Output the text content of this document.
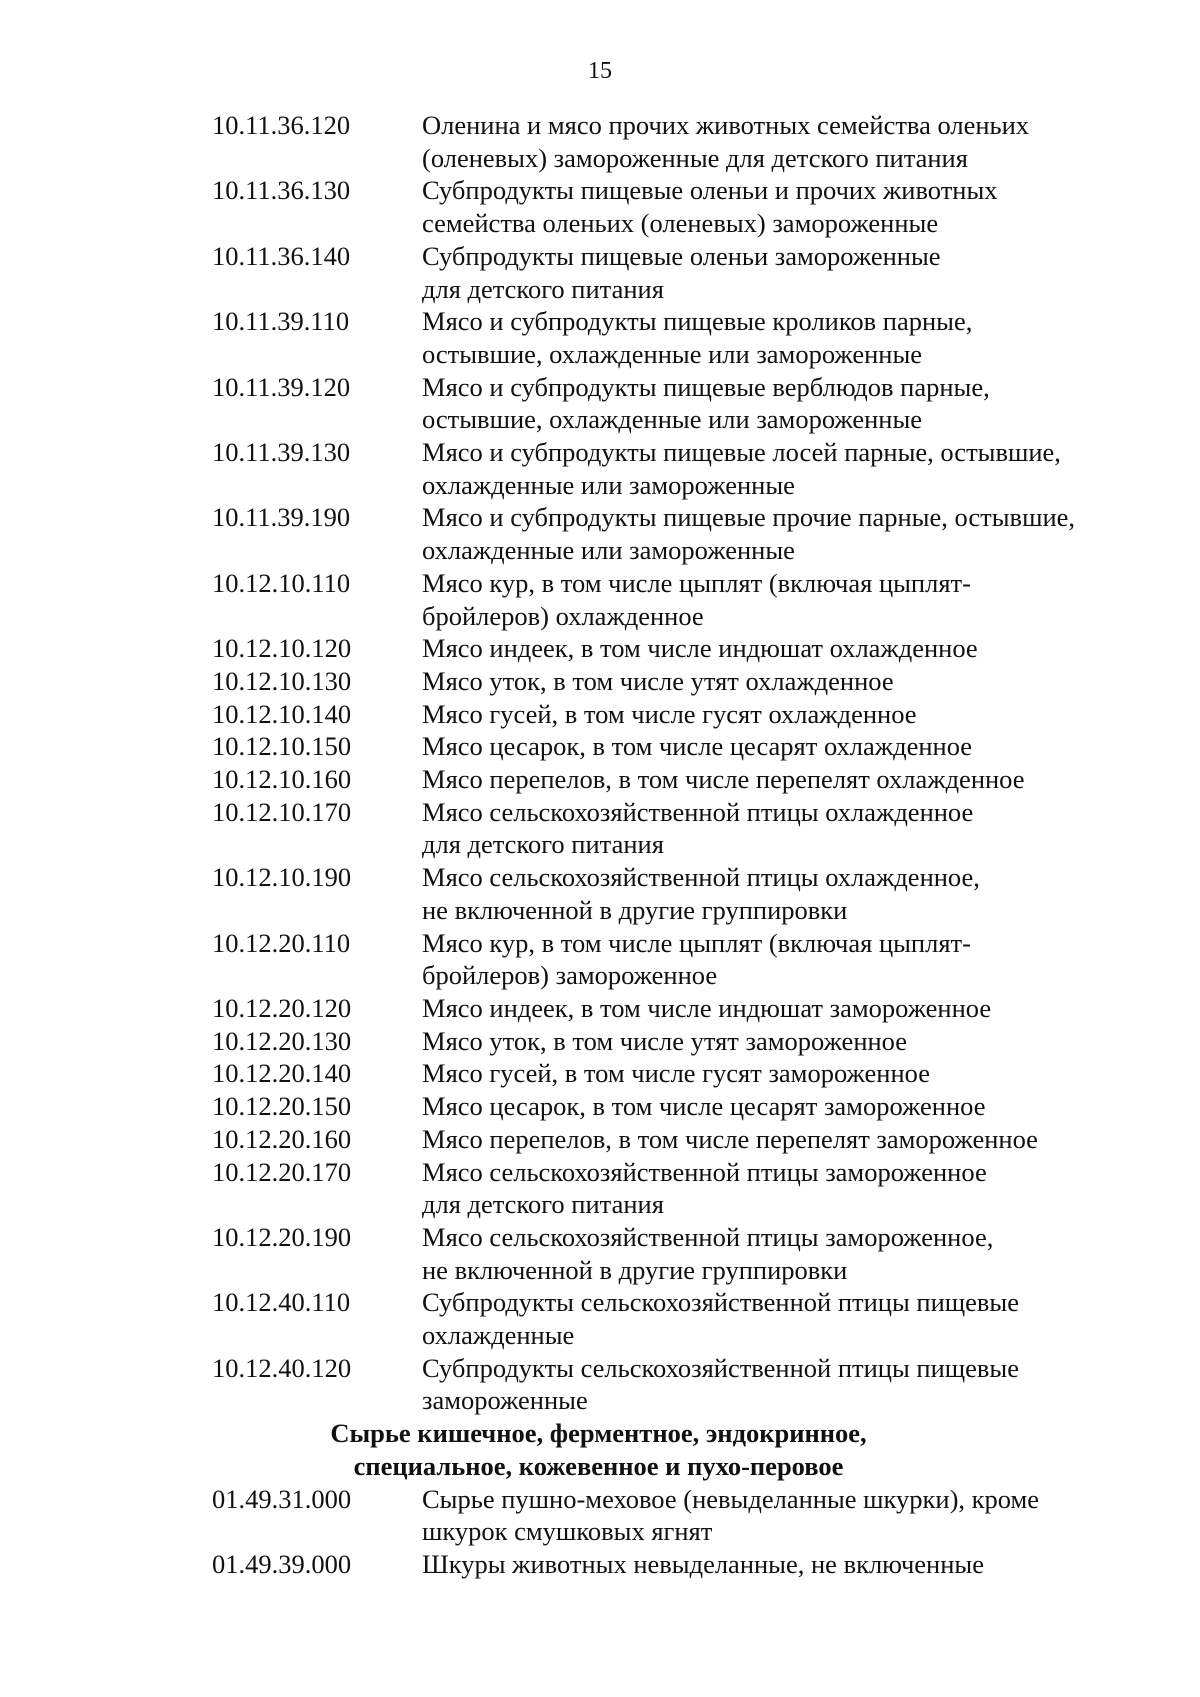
15
10.11.36.120	Оленина и мясо прочих животных семейства оленьих
(оленевых) замороженные для детского питания
10.11.36.130	Субпродукты пищевые оленьи и прочих животных
семейства оленьих (оленевых) замороженные
10.11.36.140	Субпродукты пищевые оленьи замороженные
для детского питания
10.11.39.110	Мясо и субпродукты пищевые кроликов парные,
остывшие, охлажденные или замороженные
10.11.39.120	Мясо и субпродукты пищевые верблюдов парные,
остывшие, охлажденные или замороженные
10.11.39.130	Мясо и субпродукты пищевые лосей парные, остывшие,
охлажденные или замороженные
10.11.39.190	Мясо и субпродукты пищевые прочие парные, остывшие,
охлажденные или замороженные
10.12.10.110	Мясо кур, в том числе цыплят (включая цыплят-
бройлеров) охлажденное
10.12.10.120	Мясо индеек, в том числе индюшат охлажденное
10.12.10.130	Мясо уток, в том числе утят охлажденное
10.12.10.140	Мясо гусей, в том числе гусят охлажденное
10.12.10.150	Мясо цесарок, в том числе цесарят охлажденное
10.12.10.160	Мясо перепелов, в том числе перепелят охлажденное
10.12.10.170	Мясо сельскохозяйственной птицы охлажденное
для детского питания
10.12.10.190	Мясо сельскохозяйственной птицы охлажденное,
не включенной в другие группировки
10.12.20.110	Мясо кур, в том числе цыплят (включая цыплят-
бройлеров) замороженное
10.12.20.120	Мясо индеек, в том числе индюшат замороженное
10.12.20.130	Мясо уток, в том числе утят замороженное
10.12.20.140	Мясо гусей, в том числе гусят замороженное
10.12.20.150	Мясо цесарок, в том числе цесарят замороженное
10.12.20.160	Мясо перепелов, в том числе перепелят замороженное
10.12.20.170	Мясо сельскохозяйственной птицы замороженное
для детского питания
10.12.20.190	Мясо сельскохозяйственной птицы замороженное,
не включенной в другие группировки
10.12.40.110	Субпродукты сельскохозяйственной птицы пищевые
охлажденные
10.12.40.120	Субпродукты сельскохозяйственной птицы пищевые
замороженные
Сырье кишечное, ферментное, эндокринное,
специальное, кожевенное и пухо-перовое
01.49.31.000	Сырье пушно-меховое (невыделанные шкурки), кроме
шкурок смушковых ягнят
01.49.39.000	Шкуры животных невыделанные, не включенные
